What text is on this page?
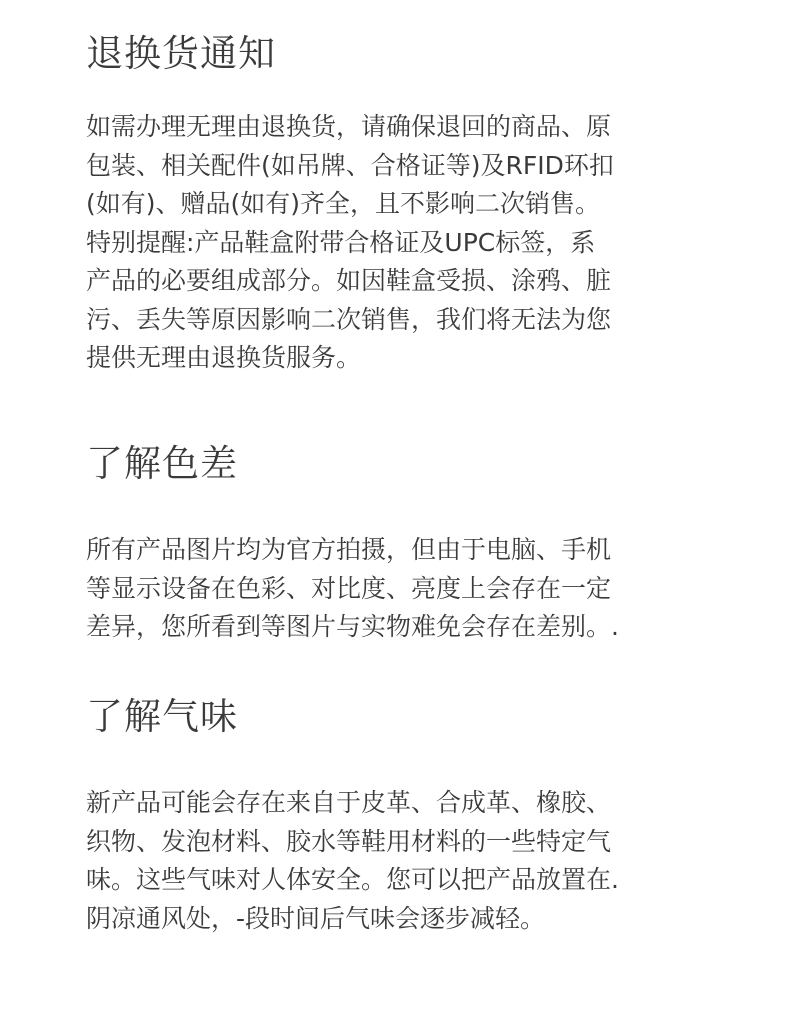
退换货通知
如需办理无理由退换货，请确保退回的商品、原
包装、相关配件(如吊牌、合格证等)及RFID环扣
(如有)、赠品(如有)齐全，且不影响二次销售。
特别提醒:产品鞋盒附带合格证及UPC标签，系
产品的必要组成部分。如因鞋盒受损、涂鸦、脏
污、丢失等原因影响二次销售，我们将无法为您
提供无理由退换货服务。
了解色差
所有产品图片均为官方拍摄，但由于电脑、手机
等显示设备在色彩、对比度、亮度上会存在一定
差异，您所看到等图片与实物难免会存在差别。.
了解气味
新产品可能会存在来自于皮革、合成革、橡胶、
织物、发泡材料、胶水等鞋用材料的一些特定气
味。这些气味对人体安全。您可以把产品放置在.
阴凉通风处，-段时间后气味会逐步减轻。
